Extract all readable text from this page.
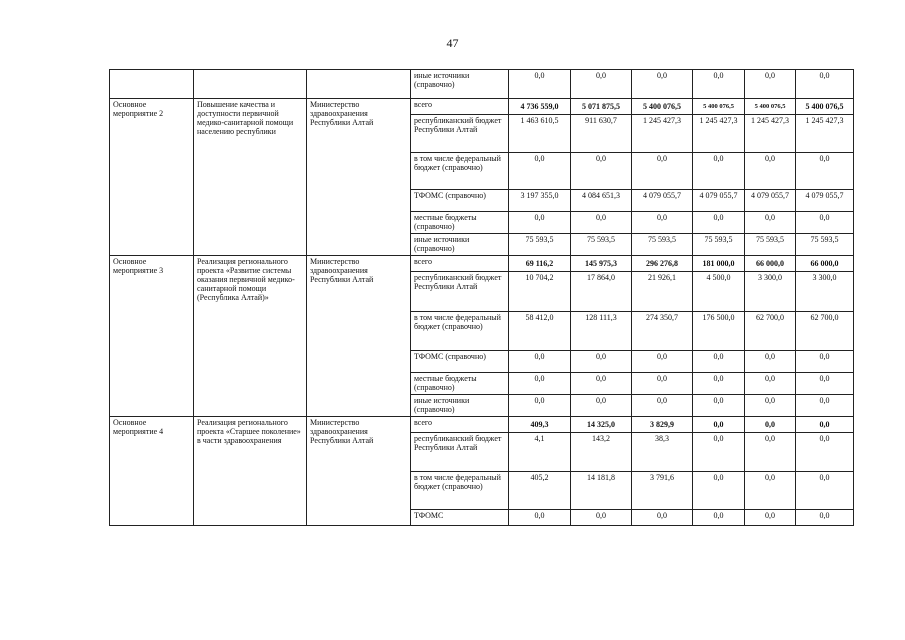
47
			иные источники (справочно)	0,0	0,0	0,0	0,0	0,0	0,0
Основное мероприятие 2	Повышение качества и доступности первичной медико-санитарной помощи населению республики	Министерство здравоохранения Республики Алтай	всего	4 736 559,0	5 071 875,5	5 400 076,5	5 400 076,5	5 400 076,5	5 400 076,5
			республиканский бюджет Республики Алтай	1 463 610,5	911 630,7	1 245 427,3	1 245 427,3	1 245 427,3	1 245 427,3
			в том числе федеральный бюджет (справочно)	0,0	0,0	0,0	0,0	0,0	0,0
			ТФОМС (справочно)	3 197 355,0	4 084 651,3	4 079 055,7	4 079 055,7	4 079 055,7	4 079 055,7
			местные бюджеты (справочно)	0,0	0,0	0,0	0,0	0,0	0,0
			иные источники (справочно)	75 593,5	75 593,5	75 593,5	75 593,5	75 593,5	75 593,5
Основное мероприятие 3	Реализация регионального проекта «Развитие системы оказания первичной медико-санитарной помощи (Республика Алтай)»	Министерство здравоохранения Республики Алтай	всего	69 116,2	145 975,3	296 276,8	181 000,0	66 000,0	66 000,0
			республиканский бюджет Республики Алтай	10 704,2	17 864,0	21 926,1	4 500,0	3 300,0	3 300,0
			в том числе федеральный бюджет (справочно)	58 412,0	128 111,3	274 350,7	176 500,0	62 700,0	62 700,0
			ТФОМС (справочно)	0,0	0,0	0,0	0,0	0,0	0,0
			местные бюджеты (справочно)	0,0	0,0	0,0	0,0	0,0	0,0
			иные источники (справочно)	0,0	0,0	0,0	0,0	0,0	0,0
Основное мероприятие 4	Реализация регионального проекта «Старшее поколение» в части здравоохранения	Министерство здравоохранения Республики Алтай	всего	409,3	14 325,0	3 829,9	0,0	0,0	0,0
			республиканский бюджет Республики Алтай	4,1	143,2	38,3	0,0	0,0	0,0
			в том числе федеральный бюджет (справочно)	405,2	14 181,8	3 791,6	0,0	0,0	0,0
			ТФОМС	0,0	0,0	0,0	0,0	0,0	0,0
